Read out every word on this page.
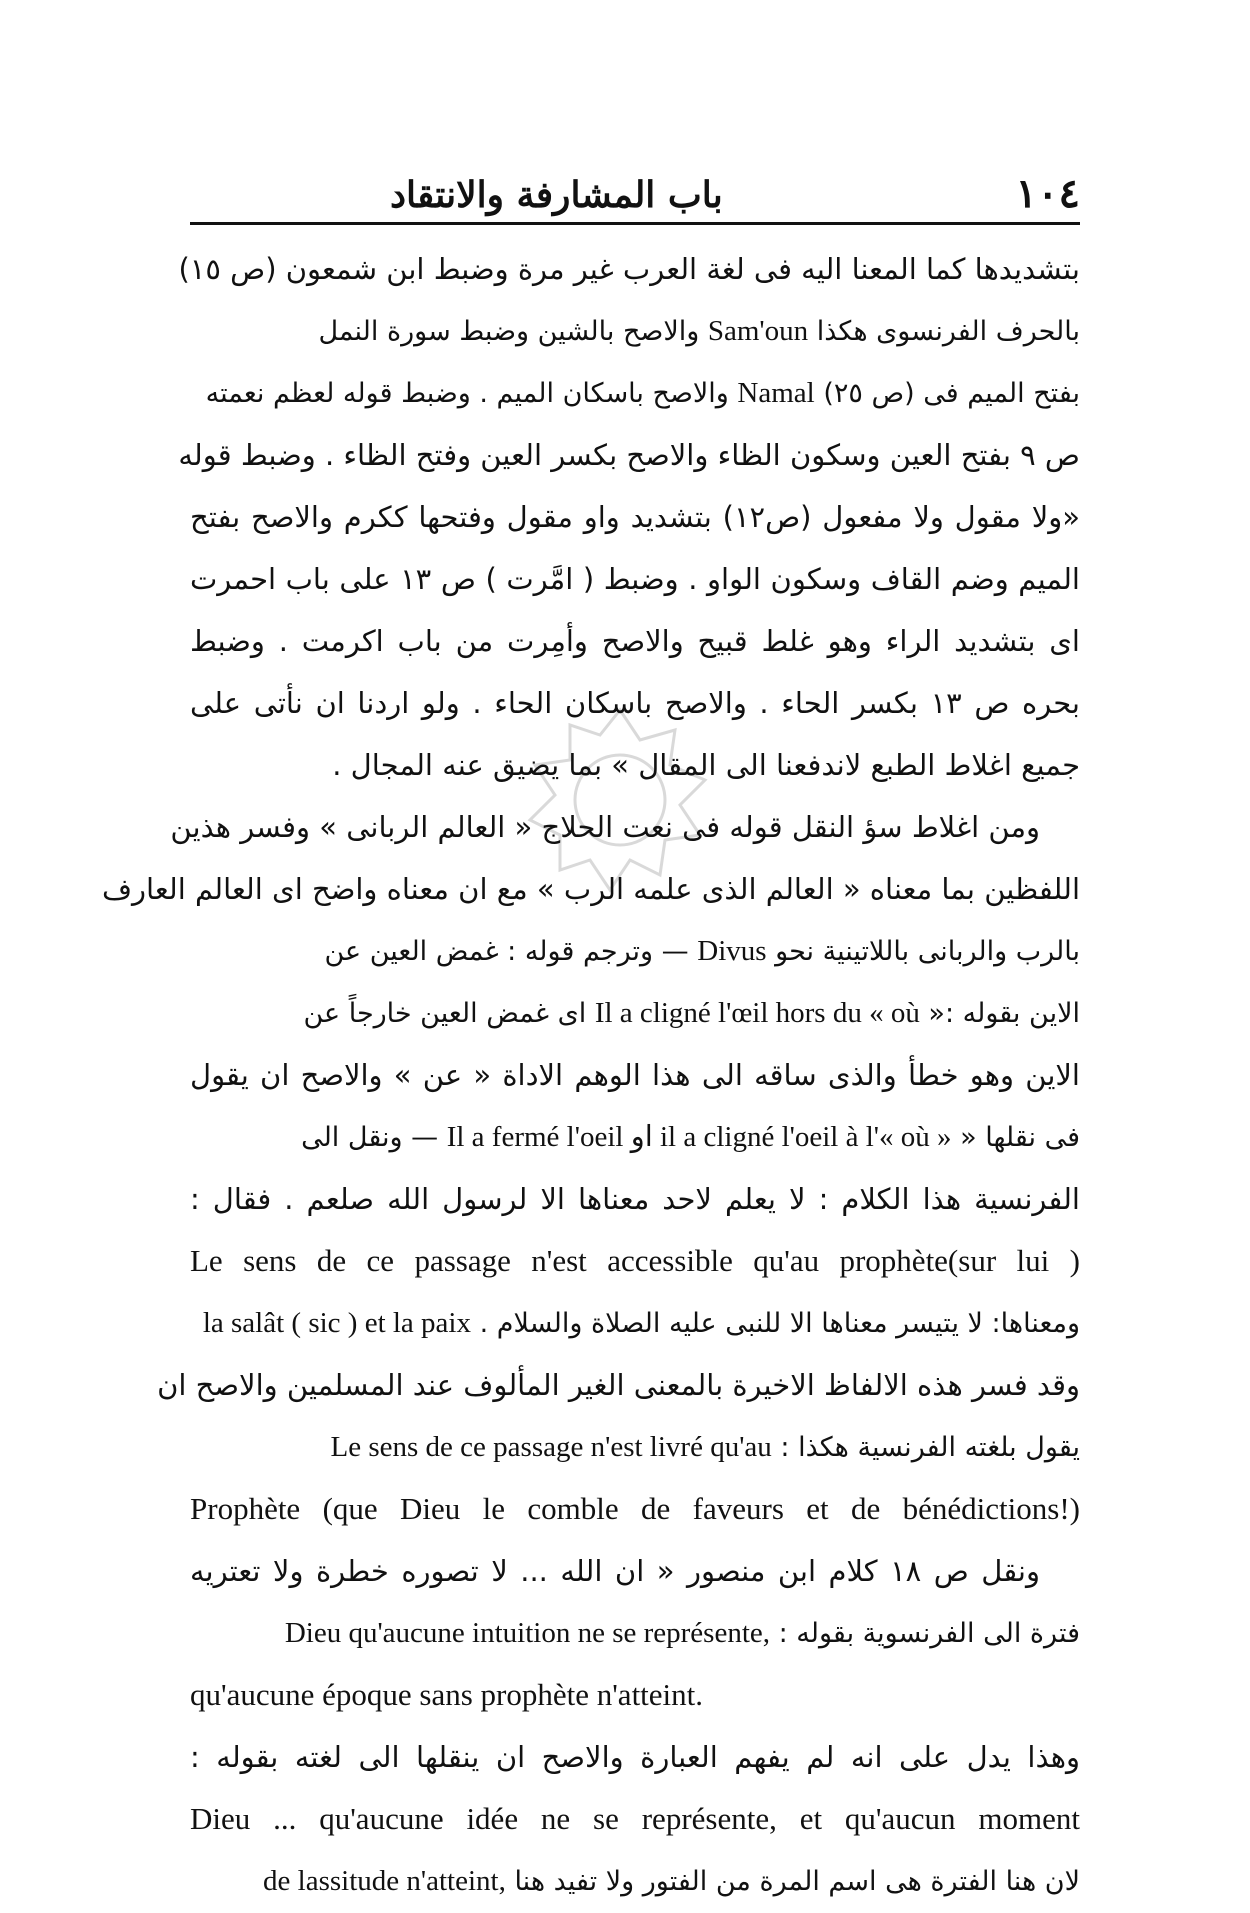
باب المشارفة والانتقاد	١٠٤
بتشديدها كما المعنا اليه فى لغة العرب غير مرة وضبط ابن شمعون (ص ١٥)
بالحرف الفرنسوى هكذا Sam'oun والاصح بالشين وضبط سورة النمل
بفتح الميم فى (ص ٢٥) Namal والاصح باسكان الميم . وضبط قوله لعظم نعمته
ص ٩ بفتح العين وسكون الظاء والاصح بكسر العين وفتح الظاء . وضبط قوله
«ولا مقول ولا مفعول (ص١٢) بتشديد واو مقول وفتحها ككرم والاصح بفتح
الميم وضم القاف وسكون الواو . وضبط ( امَّرت ) ص ١٣ على باب احمرت
اى بتشديد الراء وهو غلط قبيح والاصح وأمِرت من باب اكرمت . وضبط
بحره ص ١٣ بكسر الحاء . والاصح باسكان الحاء . ولو اردنا ان نأتى على
جميع اغلاط الطبع لاندفعنا الى المقال » بما يضيق عنه المجال .
ومن اغلاط سؤ النقل قوله فى نعت الحلاج « العالم الربانى » وفسر هذين
اللفظين بما معناه « العالم الذى علمه الرب » مع ان معناه واضح اى العالم العارف
بالرب والربانى باللاتينية نحو Divus — وترجم قوله : غمض العين عن
الاين بقوله :« Il a cligné l'œil hors du « où اى غمض العين خارجاً عن
الاين وهو خطأ والذى ساقه الى هذا الوهم الاداة « عن » والاصح ان يقول
فى نقلها « Il a fermé l'oeil او il a cligné l'oeil à l'« où » — ونقل الى
الفرنسية هذا الكلام : لا يعلم لاحد معناها الا لرسول الله صلعم . فقال :
Le sens de ce passage n'est accessible qu'au prophète(sur lui )
ومعناها: لا يتيسر معناها الا للنبى عليه الصلاة والسلام . la salât ( sic ) et la paix
وقد فسر هذه الالفاظ الاخيرة بالمعنى الغير المألوف عند المسلمين والاصح ان
يقول بلغته الفرنسية هكذا : Le sens de ce passage n'est livré qu'au
Prophète (que Dieu le comble de faveurs et de bénédictions!)
ونقل ص ١٨ كلام ابن منصور « ان الله ... لا تصوره خطرة ولا تعتريه
فترة الى الفرنسوية بقوله : Dieu qu'aucune intuition ne se représente,
qu'aucune époque sans prophète n'atteint.
وهذا يدل على انه لم يفهم العبارة والاصح ان ينقلها الى لغته بقوله :
Dieu ... qu'aucune idée ne se représente, et qu'aucun moment
لان هنا الفترة هى اسم المرة من الفتور ولا تفيد هنا de lassitude n'atteint,
